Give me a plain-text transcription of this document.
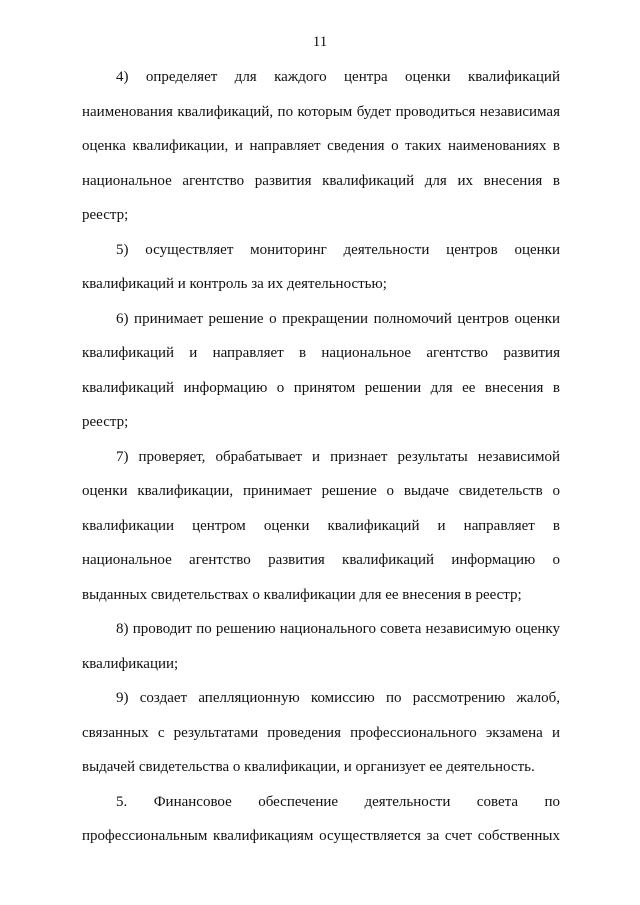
11

4) определяет для каждого центра оценки квалификаций наименования квалификаций, по которым будет проводиться независимая оценка квалификации, и направляет сведения о таких наименованиях в национальное агентство развития квалификаций для их внесения в реестр;

5) осуществляет мониторинг деятельности центров оценки квалификаций и контроль за их деятельностью;

6) принимает решение о прекращении полномочий центров оценки квалификаций и направляет в национальное агентство развития квалификаций информацию о принятом решении для ее внесения в реестр;

7) проверяет, обрабатывает и признает результаты независимой оценки квалификации, принимает решение о выдаче свидетельств о квалификации центром оценки квалификаций и направляет в национальное агентство развития квалификаций информацию о выданных свидетельствах о квалификации для ее внесения в реестр;

8) проводит по решению национального совета независимую оценку квалификации;

9) создает апелляционную комиссию по рассмотрению жалоб, связанных с результатами проведения профессионального экзамена и выдачей свидетельства о квалификации, и организует ее деятельность.

5. Финансовое обеспечение деятельности совета по профессиональным квалификациям осуществляется за счет собственных
